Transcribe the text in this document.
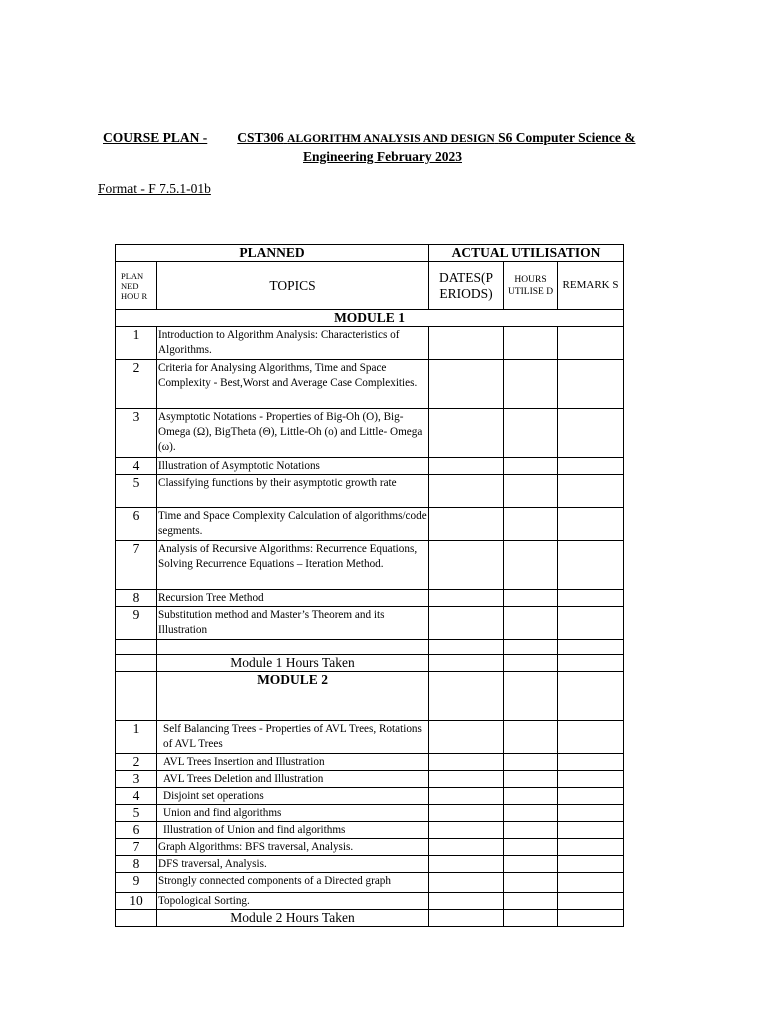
COURSE PLAN - CST306 ALGORITHM ANALYSIS AND DESIGN S6 Computer Science &
Engineering February 2023
Format - F 7.5.1-01b
PLANNED		ACTUAL UTILISATION		
PLAN NED HOU R	TOPICS	DATES(P ERIODS)	HOURS UTILISE D	REMARK S
MODULE 1				
1	Introduction to Algorithm Analysis: Characteristics of Algorithms.			
2	Criteria for Analysing Algorithms, Time and Space Complexity - Best,Worst and Average Case Complexities.			
3	Asymptotic Notations - Properties of Big-Oh (O), Big- Omega (Ω), BigTheta (Θ), Little-Oh (o) and Little- Omega (ω).			
4	Illustration of Asymptotic Notations			
5	Classifying functions by their asymptotic growth rate			
6	Time and Space Complexity Calculation of algorithms/code segments.			
7	Analysis of Recursive Algorithms: Recurrence Equations, Solving Recurrence Equations – Iteration Method.			
8	Recursion Tree Method			
9	Substitution method and Master’s Theorem and its Illustration			

	Module 1 Hours Taken			
	MODULE 2			
1	Self Balancing Trees - Properties of AVL Trees, Rotations of AVL Trees			
2	AVL Trees Insertion and Illustration			
3	AVL Trees Deletion and Illustration			
4	Disjoint set operations			
5	Union and find algorithms			
6	Illustration of Union and find algorithms			
7	Graph Algorithms: BFS traversal, Analysis.			
8	DFS traversal, Analysis.			
9	Strongly connected components of a Directed graph			
10	Topological Sorting.			
	Module 2 Hours Taken			
